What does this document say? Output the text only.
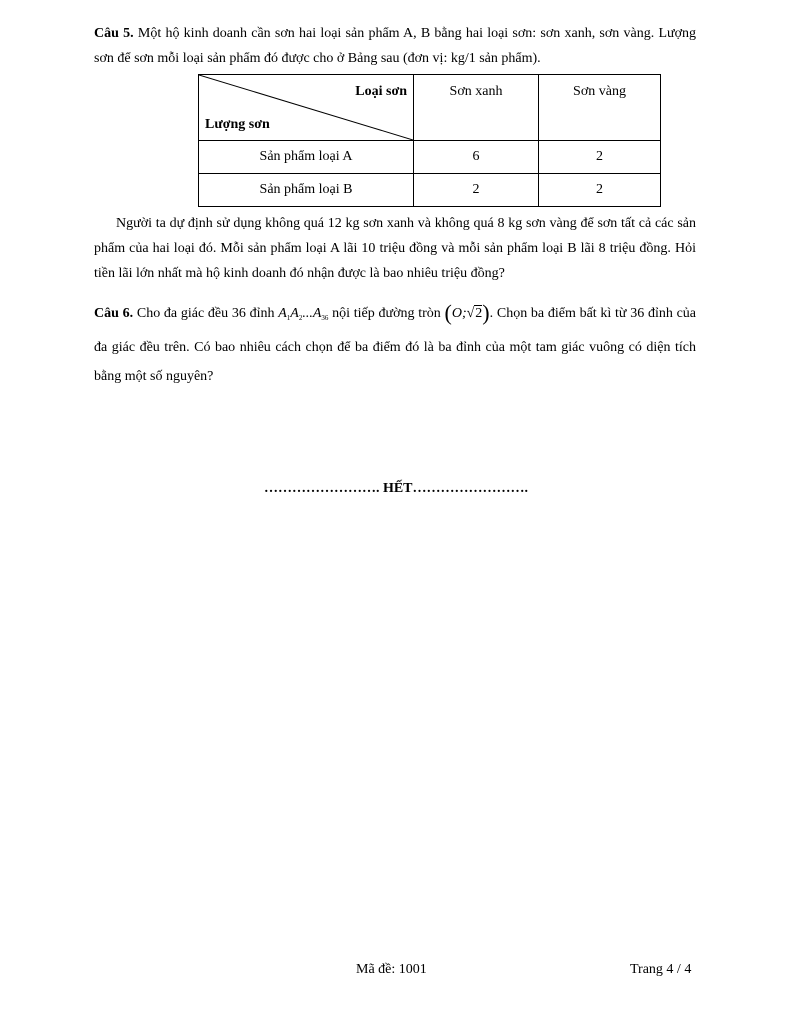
Câu 5. Một hộ kinh doanh cần sơn hai loại sản phẩm A, B bằng hai loại sơn: sơn xanh, sơn vàng. Lượng sơn để sơn mỗi loại sản phẩm đó được cho ở Bảng sau (đơn vị: kg/1 sản phẩm).
Loại sơn
Lượng sơn	Sơn xanh	Sơn vàng
Sản phẩm loại A	6	2
Sản phẩm loại B	2	2
Người ta dự định sử dụng không quá 12 kg sơn xanh và không quá 8 kg sơn vàng để sơn tất cả các sản phẩm của hai loại đó. Mỗi sản phẩm loại A lãi 10 triệu đồng và mỗi sản phẩm loại B lãi 8 triệu đồng. Hỏi tiền lãi lớn nhất mà hộ kinh doanh đó nhận được là bao nhiêu triệu đồng?
Câu 6. Cho đa giác đều 36 đỉnh $A_1A_2...A_{36}$ nội tiếp đường tròn (O;√2). Chọn ba điểm bất kì từ 36 đỉnh của đa giác đều trên. Có bao nhiêu cách chọn để ba điểm đó là ba đỉnh của một tam giác vuông có diện tích bằng một số nguyên?
……………………. HẾT…………………….
Mã đề: 1001	Trang 4 / 4
